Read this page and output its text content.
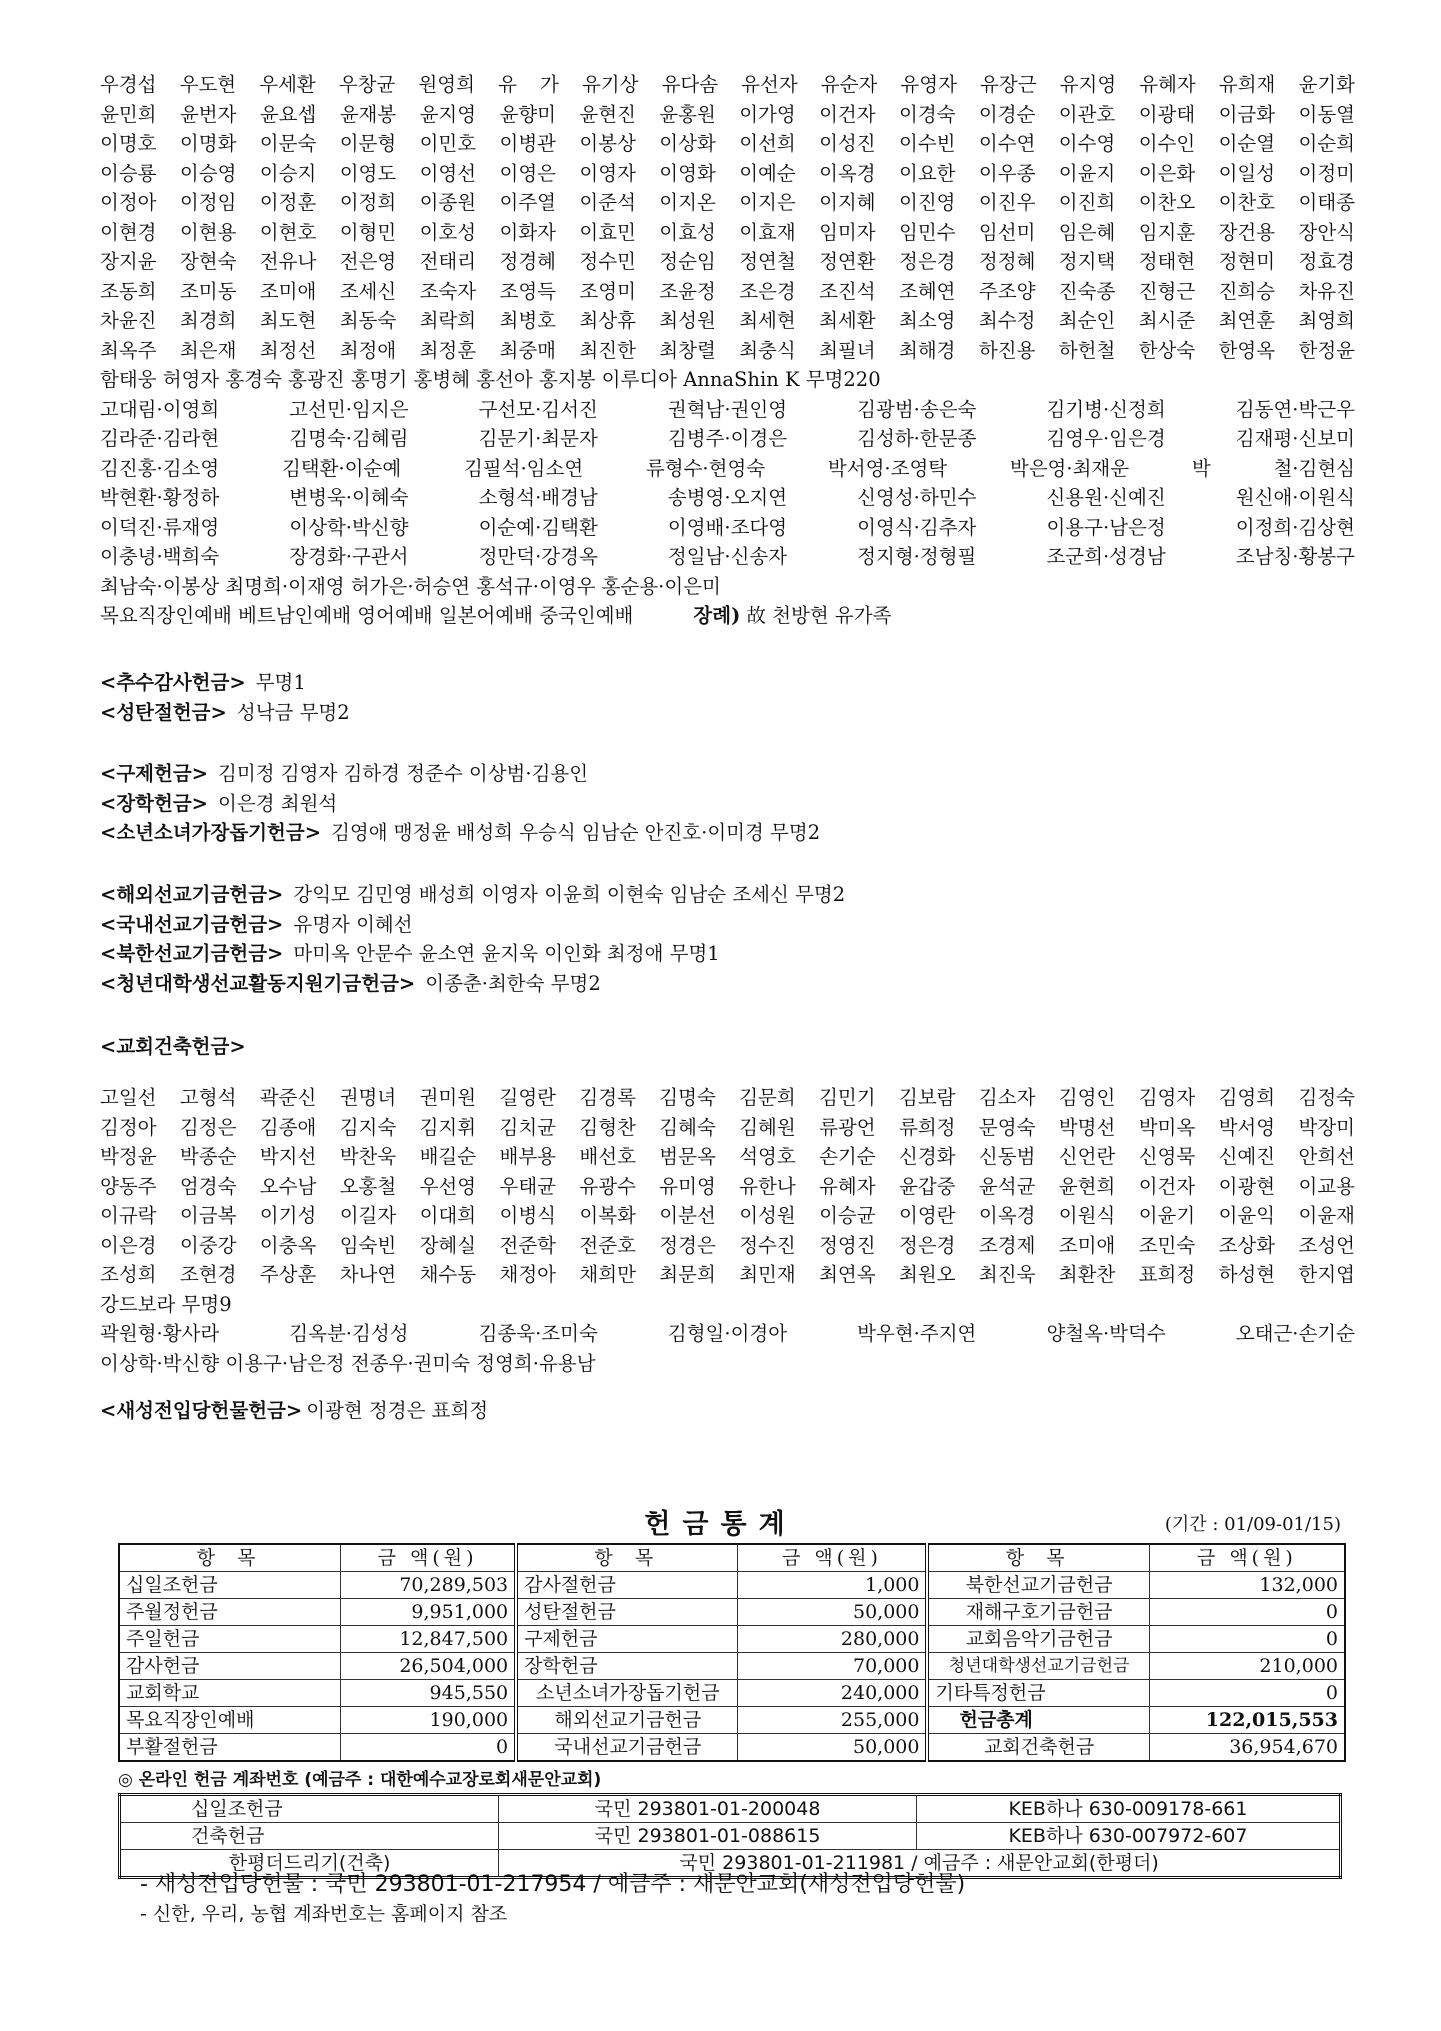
우경섭 우도현 우세환 우창균 원영희 유 가 유기상 유다솜 유선자 유순자 유영자 유장근 유지영 유혜자 유희재 윤기화
윤민희 윤번자 윤요셉 윤재봉 윤지영 윤향미 윤현진 윤홍원 이가영 이건자 이경숙 이경순 이관호 이광태 이금화 이동열
이명호 이명화 이문숙 이문형 이민호 이병관 이봉상 이상화 이선희 이성진 이수빈 이수연 이수영 이수인 이순열 이순희
이승룡 이승영 이승지 이영도 이영선 이영은 이영자 이영화 이예순 이옥경 이요한 이우종 이윤지 이은화 이일성 이정미
이정아 이정임 이정훈 이정희 이종원 이주열 이준석 이지온 이지은 이지혜 이진영 이진우 이진희 이찬오 이찬호 이태종
이현경 이현용 이현호 이형민 이호성 이화자 이효민 이효성 이효재 임미자 임민수 임선미 임은혜 임지훈 장건용 장안식
장지윤 장현숙 전유나 전은영 전태리 정경혜 정수민 정순임 정연철 정연환 정은경 정정혜 정지택 정태현 정현미 정효경
조동희 조미동 조미애 조세신 조숙자 조영득 조영미 조윤정 조은경 조진석 조혜연 주조양 진숙종 진형근 진희승 차유진
차윤진 최경희 최도현 최동숙 최락희 최병호 최상휴 최성원 최세현 최세환 최소영 최수정 최순인 최시준 최연훈 최영희
최옥주 최은재 최정선 최정애 최정훈 최중매 최진한 최창렬 최충식 최필녀 최해경 하진용 하헌철 한상숙 한영옥 한정윤
함태웅 허영자 홍경숙 홍광진 홍명기 홍병혜 홍선아 홍지봉 이루디아 AnnaShin K 무명220
고대림·이영희 고선민·임지은 구선모·김서진 권혁남·권인영 김광범·송은숙 김기병·신정희 김동연·박근우
김라준·김라현 김명숙·김혜림 김문기·최문자 김병주·이경은 김성하·한문종 김영우·임은경 김재평·신보미
김진홍·김소영 김택환·이순예 김필석·임소연 류형수·현영숙 박서영·조영탁 박은영·최재운 박 철·김현심
박현환·황정하 변병욱·이혜숙 소형석·배경남 송병영·오지연 신영성·하민수 신용원·신예진 원신애·이원식
이덕진·류재영 이상학·박신향 이순예·김택환 이영배·조다영 이영식·김추자 이용구·남은정 이정희·김상현
이충녕·백희숙 장경화·구관서 정만덕·강경옥 정일남·신송자 정지형·정형필 조군희·성경남 조남칭·황봉구
최남숙·이봉상 최명희·이재영 허가은·허승연 홍석규·이영우 홍순용·이은미
목요직장인예배 베트남인예배 영어예배 일본어예배 중국인예배	장례) 故 천방현 유가족
<추수감사헌금> 무명1
<성탄절헌금> 성낙금 무명2
<구제헌금> 김미정 김영자 김하경 정준수 이상범·김용인
<장학헌금> 이은경 최원석
<소년소녀가장돕기헌금> 김영애 맹정윤 배성희 우승식 임남순 안진호·이미경 무명2
<해외선교기금헌금> 강익모 김민영 배성희 이영자 이윤희 이현숙 임남순 조세신 무명2
<국내선교기금헌금> 유명자 이혜선
<북한선교기금헌금> 마미옥 안문수 윤소연 윤지욱 이인화 최정애 무명1
<청년대학생선교활동지원기금헌금> 이종춘·최한숙 무명2
<교회건축헌금>
고일선 고형석 곽준신 권명녀 권미원 길영란 김경록 김명숙 김문희 김민기 김보람 김소자 김영인 김영자 김영희 김정숙
김정아 김정은 김종애 김지숙 김지휘 김치균 김형찬 김혜숙 김혜원 류광언 류희정 문영숙 박명선 박미옥 박서영 박장미
박정윤 박종순 박지선 박찬욱 배길순 배부용 배선호 범문옥 석영호 손기순 신경화 신동범 신언란 신영묵 신예진 안희선
양동주 엄경숙 오수남 오홍철 우선영 우태균 유광수 유미영 유한나 유혜자 윤갑중 윤석균 윤현희 이건자 이광현 이교용
이규락 이금복 이기성 이길자 이대희 이병식 이복화 이분선 이성원 이승균 이영란 이옥경 이원식 이윤기 이윤익 이윤재
이은경 이중강 이충옥 임숙빈 장혜실 전준학 전준호 정경은 정수진 정영진 정은경 조경제 조미애 조민숙 조상화 조성언
조성희 조현경 주상훈 차나연 채수동 채정아 채희만 최문희 최민재 최연옥 최원오 최진욱 최환찬 표희정 하성현 한지엽
강드보라 무명9
곽원형·황사라 김옥분·김성성 김종욱·조미숙 김형일·이경아 박우현·주지연 양철옥·박덕수 오태근·손기순
이상학·박신향 이용구·남은정 전종우·권미숙 정영희·유용남
<새성전입당헌물헌금> 이광현 정경은 표희정
헌금통계	(기간 : 01/09-01/15)
항 목	금 액(원)	항 목	금 액(원)	항 목	금 액(원)
십일조헌금	70,289,503	감사절헌금	1,000	북한선교기금헌금	132,000
주월정헌금	9,951,000	성탄절헌금	50,000	재해구호기금헌금	0
주일헌금	12,847,500	구제헌금	280,000	교회음악기금헌금	0
감사헌금	26,504,000	장학헌금	70,000	청년대학생선교기금헌금	210,000
교회학교	945,550	소년소녀가장돕기헌금	240,000	기타특정헌금	0
목요직장인예배	190,000	해외선교기금헌금	255,000	헌금총계	122,015,553
부활절헌금	0	국내선교기금헌금	50,000	교회건축헌금	36,954,670
◎ 온라인 헌금 계좌번호 (예금주 : 대한예수교장로회새문안교회)
십일조헌금	국민 293801-01-200048	KEB하나 630-009178-661
건축헌금	국민 293801-01-088615	KEB하나 630-007972-607
한평더드리기(건축)	국민 293801-01-211981 / 예금주 : 새문안교회(한평더)	
- 새성전입당헌물 : 국민 293801-01-217954 / 예금주 : 새문안교회(새성전입당헌물)
- 신한, 우리, 농협 계좌번호는 홈페이지 참조
